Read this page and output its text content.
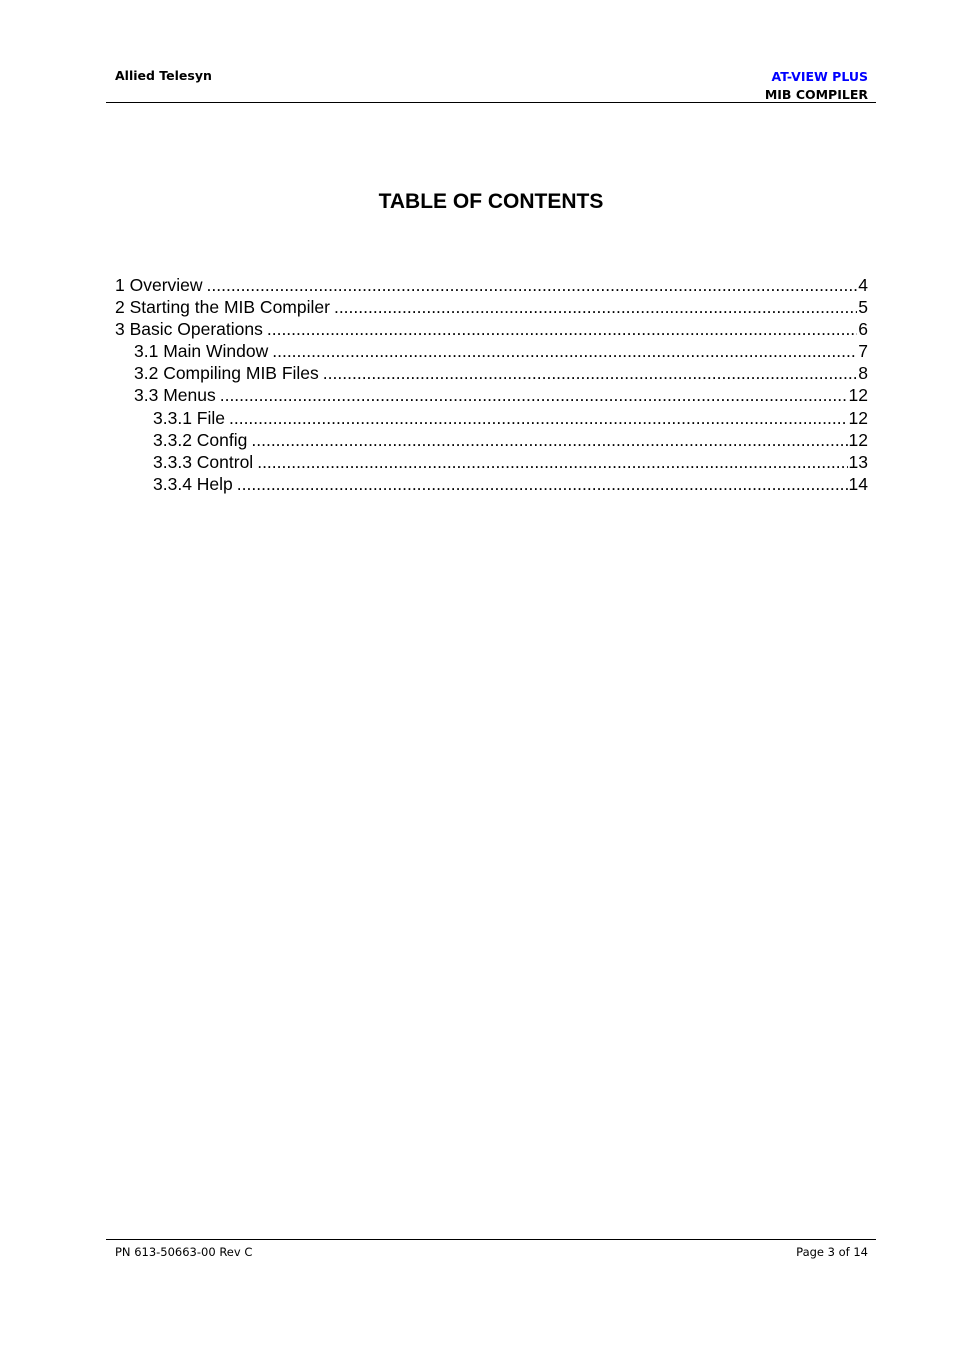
Allied Telesyn	AT-VIEW PLUS
MIB COMPILER
TABLE OF CONTENTS
1 Overview .....	4
2 Starting the MIB Compiler .....	5
3 Basic Operations .....	6
3.1 Main Window .....	7
3.2 Compiling MIB Files .....	8
3.3 Menus .....	12
3.3.1 File .....	12
3.3.2 Config .....	12
3.3.3 Control .....	13
3.3.4 Help .....	14
PN 613-50663-00 Rev C	Page 3 of 14
